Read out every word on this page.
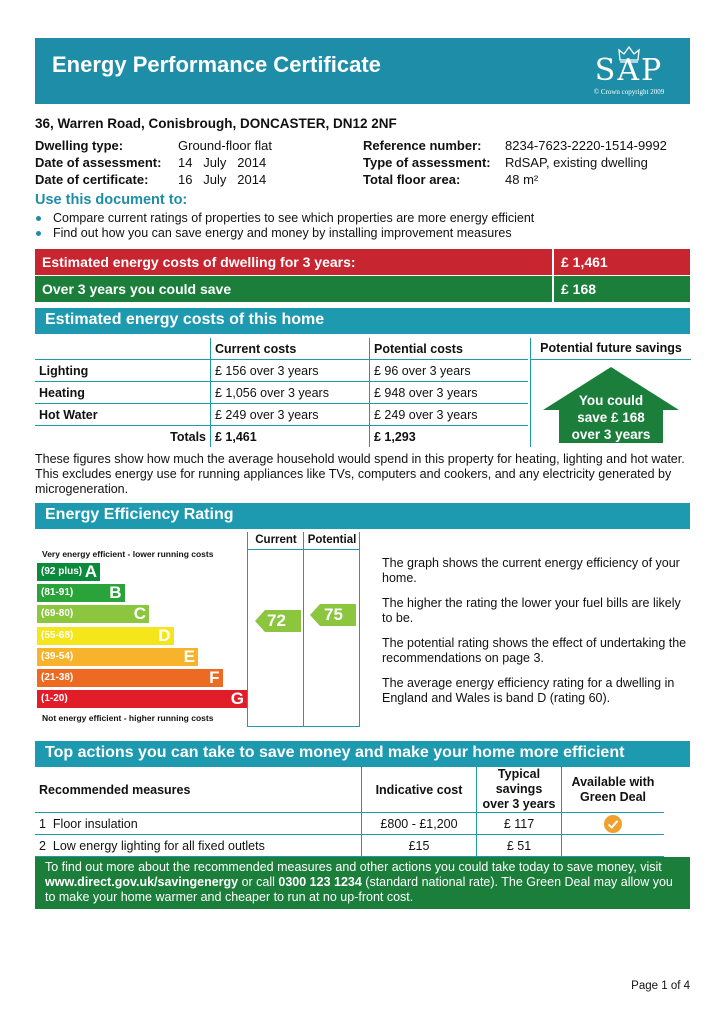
Energy Performance Certificate	SAP
© Crown copyright 2009
36, Warren Road, Conisbrough, DONCASTER, DN12 2NF
Dwelling type:	Ground-floor flat
Date of assessment: 14   July   2014
Date of certificate: 16   July   2014
Reference number: 8234-7623-2220-1514-9992
Type of assessment: RdSAP, existing dwelling
Total floor area:	48 m²
Use this document to:
Compare current ratings of properties to see which properties are more energy efficient
Find out how you can save energy and money by installing improvement measures
Estimated energy costs of dwelling for 3 years:	£ 1,461
Over 3 years you could save	£ 168
Estimated energy costs of this home
	Current costs	Potential costs
Lighting	£ 156 over 3 years	£ 96 over 3 years
Heating	£ 1,056 over 3 years	£ 948 over 3 years
Hot Water	£ 249 over 3 years	£ 249 over 3 years
Totals	£ 1,461	£ 1,293
Potential future savings
You could
save £ 168
over 3 years
These figures show how much the average household would spend in this property for heating, lighting and hot water. This excludes energy use for running appliances like TVs, computers and cookers, and any electricity generated by microgeneration.
Energy Efficiency Rating
Current Potential
Very energy efficient - lower running costs
Not energy efficient - higher running costs
(92 plus) A
(81-91) B
(69-80)	C
(55-68)	D
(39-54)	E
(21-38)	F
(1-20)	G
72 75

The graph shows the current energy efficiency of your home.

The higher the rating the lower your fuel bills are likely to be.

The potential rating shows the effect of undertaking the recommendations on page 3.

The average energy efficiency rating for a dwelling in England and Wales is band D (rating 60).

Top actions you can take to save money and make your home more efficient
Recommended measures	Indicative cost	Typical savings over 3 years	Available with Green Deal
1 Floor insulation	£800 - £1,200	£ 117	
2 Low energy lighting for all fixed outlets	£15	£ 51	
To find out more about the recommended measures and other actions you could take today to save money, visit www.direct.gov.uk/savingenergy or call 0300 123 1234 (standard national rate). The Green Deal may allow you to make your home warmer and cheaper to run at no up-front cost.
Page 1 of 4
